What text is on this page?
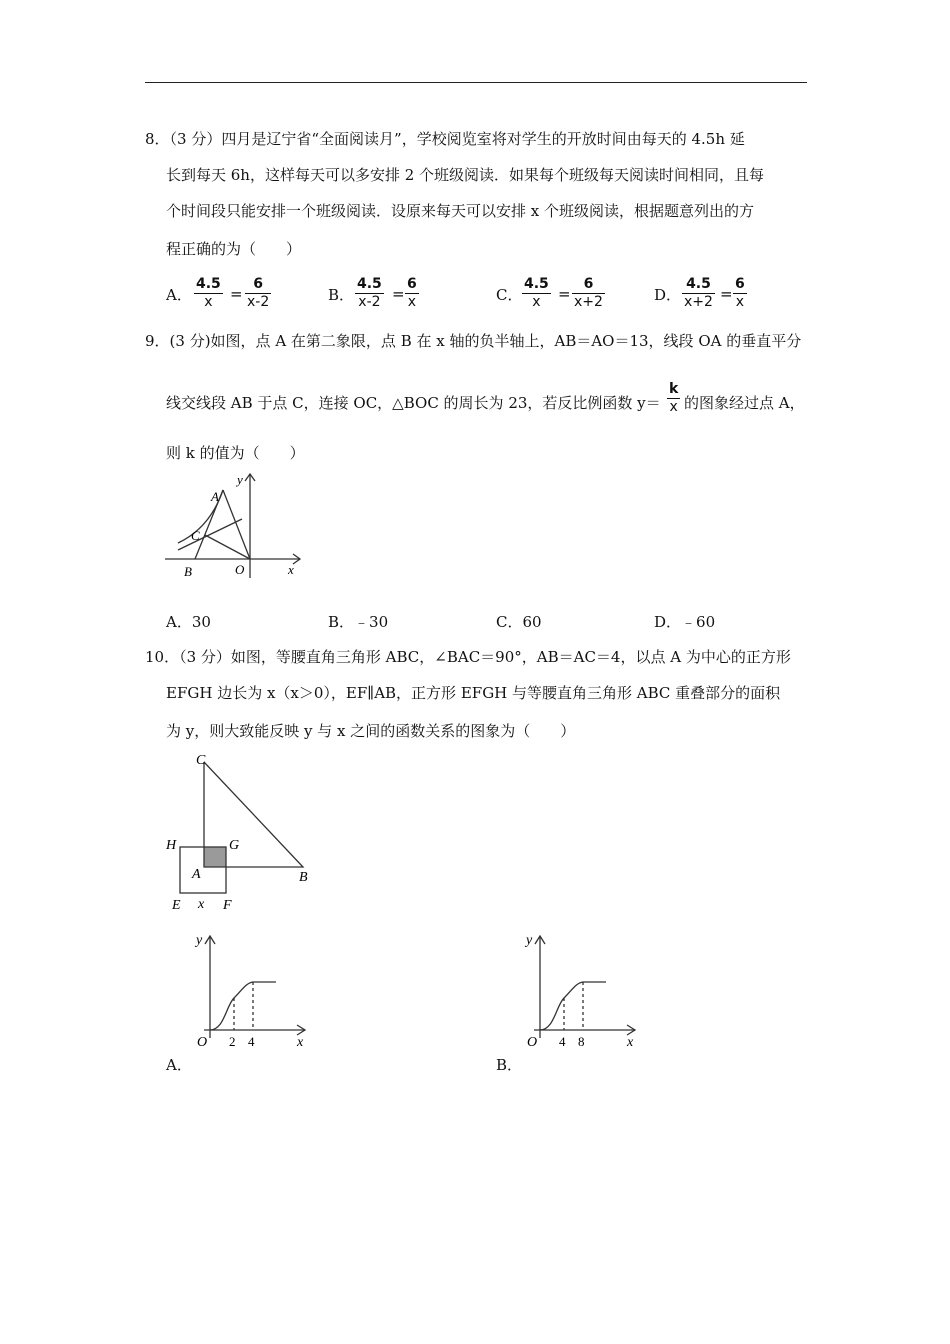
8．（3 分）四月是辽宁省“全面阅读月”，学校阅览室将对学生的开放时间由每天的 4.5h 延
长到每天 6h，这样每天可以多安排 2 个班级阅读．如果每个班级每天阅读时间相同，且每
个时间段只能安排一个班级阅读．设原来每天可以安排 x 个班级阅读，根据题意列出的方
程正确的为（　　）
A．
4.5
x =
6
x-2	B．
4.5
x-2 =
6
x	C．
4.5
x =
6
x+2	D．
4.5
x+2 =
6
x
9．(3 分)如图，点 A 在第二象限，点 B 在 x 轴的负半轴上，AB＝AO＝13，线段 OA 的垂直平分
线交线段 AB 于点 C，连接 OC，△BOC 的周长为 23，若反比例函数 y＝
k
x 的图象经过点 A，
则 k 的值为（　　）
A
y
C
B	O	x
A．30	B．﹣30	C．60	D．﹣60
10．（3 分）如图，等腰直角三角形 ABC，∠BAC＝90°，AB＝AC＝4，以点 A 为中心的正方形
EFGH 边长为 x（x＞0），EF∥AB，正方形 EFGH 与等腰直角三角形 ABC 重叠部分的面积
为 y，则大致能反映 y 与 x 之间的函数关系的图象为（　　）
C
H	G
A	B
E x F
y
O 2 4	x
A．
y
O 4 8	x
B．
